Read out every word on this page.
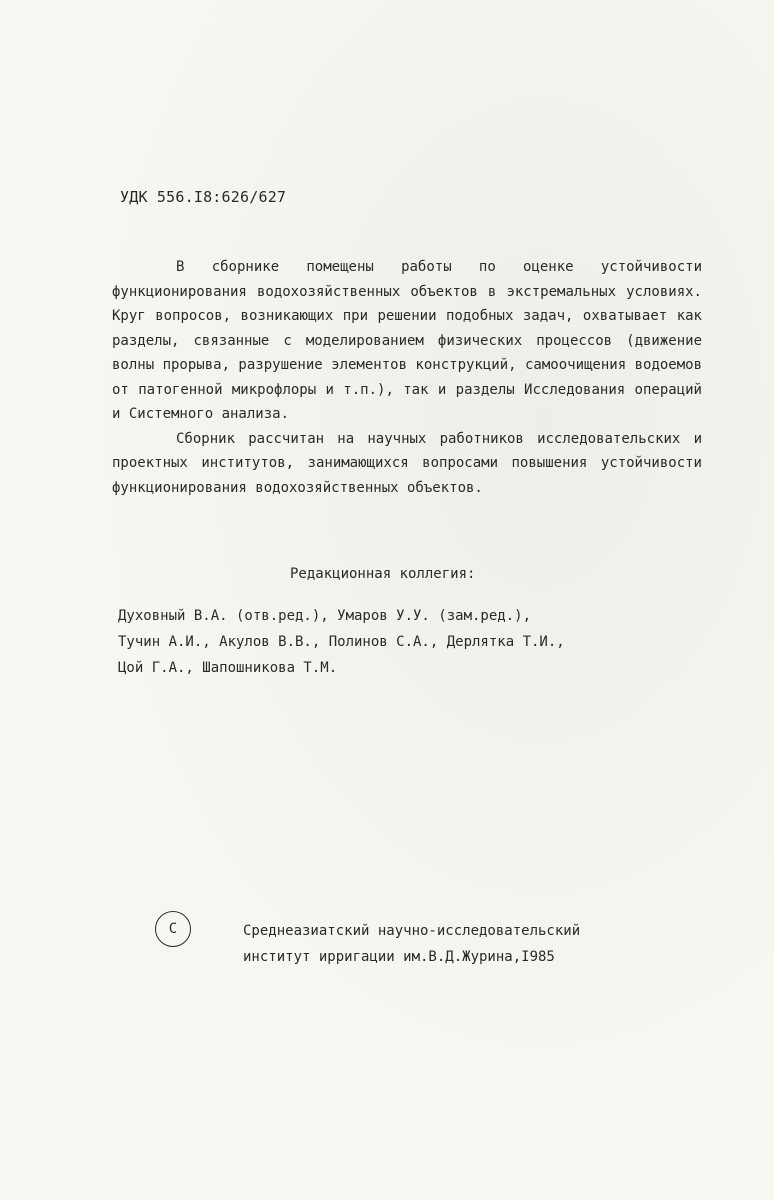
УДК 556.I8:626/627

В сборнике помещены работы по оценке устойчивости функционирования водохозяйственных объектов в экстремальных условиях. Круг вопросов, возникающих при решении подобных задач, охватывает как разделы, связанные с моделированием физических процессов (движение волны прорыва, разрушение элементов конструкций, самоочищения водоемов от патогенной микрофлоры и т.п.), так и разделы Исследования операций и Системного анализа.

Сборник рассчитан на научных работников исследовательских и проектных институтов, занимающихся вопросами повышения устойчивости функционирования водохозяйственных объектов.

Редакционная коллегия:
Духовный В.А. (отв.ред.), Умаров У.У. (зам.ред.),
Тучин А.И., Акулов В.В., Полинов С.А., Дерлятка Т.И.,
Цой Г.А., Шапошникова Т.М.
C	Среднеазиатский научно-исследовательский
институт ирригации им.В.Д.Журина,I985
